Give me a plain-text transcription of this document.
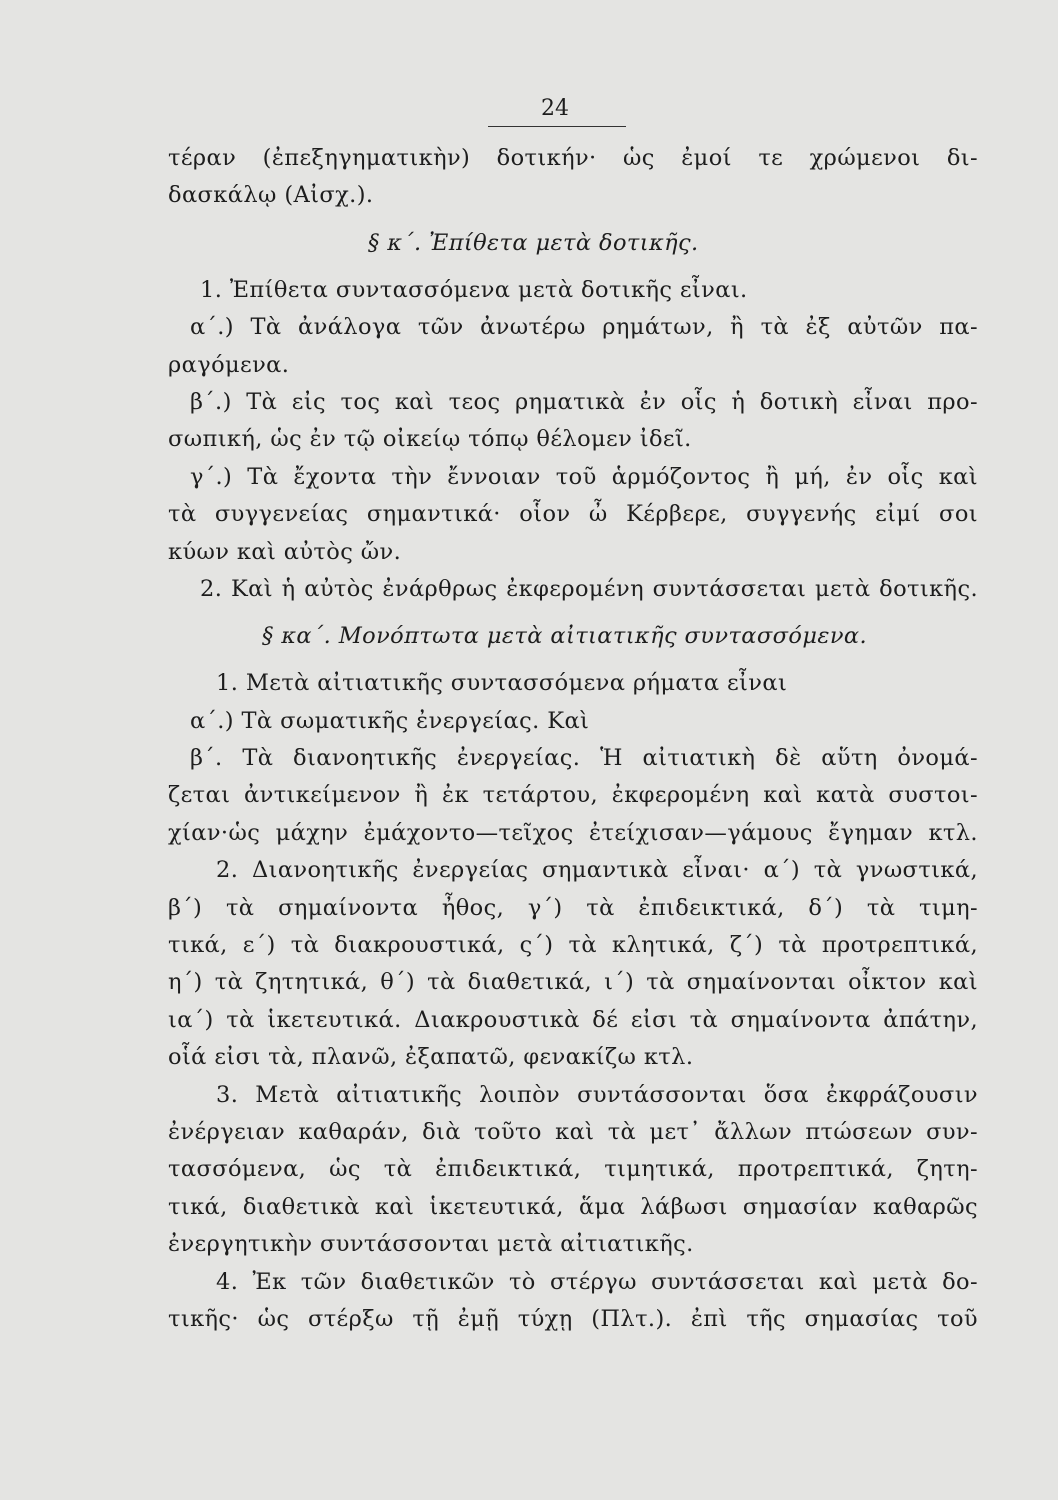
24
τέραν (ἐπεξηγηματικὴν) δοτικήν· ὡς ἐμοί τε χρώμενοι δι-
δασκάλῳ (Αἰσχ.).
§ κ΄. Ἐπίθετα μετὰ δοτικῆς.
1. Ἐπίθετα συντασσόμενα μετὰ δοτικῆς εἶναι.
α΄.) Τὰ ἀνάλογα τῶν ἀνωτέρω ρημάτων, ἢ τὰ ἐξ αὐτῶν πα-
ραγόμενα.
β΄.) Τὰ εἰς τος καὶ τεος ρηματικὰ ἐν οἷς ἡ δοτικὴ εἶναι προ-
σωπική, ὡς ἐν τῷ οἰκείῳ τόπῳ θέλομεν ἰδεῖ.
γ΄.) Τὰ ἔχοντα τὴν ἔννοιαν τοῦ ἁρμόζοντος ἢ μή, ἐν οἷς καὶ
τὰ συγγενείας σημαντικά· οἷον ὦ Κέρβερε, συγγενής εἰμί σοι
κύων καὶ αὐτὸς ὤν.
2. Καὶ ἡ αὐτὸς ἐνάρθρως ἐκφερομένη συντάσσεται μετὰ δοτικῆς.
§ κα΄. Μονόπτωτα μετὰ αἰτιατικῆς συντασσόμενα.
1. Μετὰ αἰτιατικῆς συντασσόμενα ρήματα εἶναι
α΄.) Τὰ σωματικῆς ἐνεργείας. Καὶ
β΄. Τὰ διανοητικῆς ἐνεργείας. Ἡ αἰτιατικὴ δὲ αὕτη ὀνομά-
ζεται ἀντικείμενον ἢ ἐκ τετάρτου, ἐκφερομένη καὶ κατὰ συστοι-
χίαν·ὡς μάχην ἐμάχοντο—τεῖχος ἐτείχισαν—γάμους ἔγημαν κτλ.
2. Διανοητικῆς ἐνεργείας σημαντικὰ εἶναι· α΄) τὰ γνωστικά,
β΄) τὰ σημαίνοντα ἦθος, γ΄) τὰ ἐπιδεικτικά, δ΄) τὰ τιμη-
τικά, ε΄) τὰ διακρουστικά, ς΄) τὰ κλητικά, ζ΄) τὰ προτρεπτικά,
η΄) τὰ ζητητικά, θ΄) τὰ διαθετικά, ι΄) τὰ σημαίνονται οἶκτον καὶ
ια΄) τὰ ἱκετευτικά. Διακρουστικὰ δέ εἰσι τὰ σημαίνοντα ἀπάτην,
οἷά εἰσι τὰ, πλανῶ, ἐξαπατῶ, φενακίζω κτλ.
3. Μετὰ αἰτιατικῆς λοιπὸν συντάσσονται ὅσα ἐκφράζουσιν
ἐνέργειαν καθαράν, διὰ τοῦτο καὶ τὰ μετ᾽ ἄλλων πτώσεων συν-
τασσόμενα, ὡς τὰ ἐπιδεικτικά, τιμητικά, προτρεπτικά, ζητη-
τικά, διαθετικὰ καὶ ἱκετευτικά, ἅμα λάβωσι σημασίαν καθαρῶς
ἐνεργητικὴν συντάσσονται μετὰ αἰτιατικῆς.
4. Ἐκ τῶν διαθετικῶν τὸ στέργω συντάσσεται καὶ μετὰ δο-
τικῆς· ὡς στέρξω τῇ ἐμῇ τύχῃ (Πλτ.). ἐπὶ τῆς σημασίας τοῦ
